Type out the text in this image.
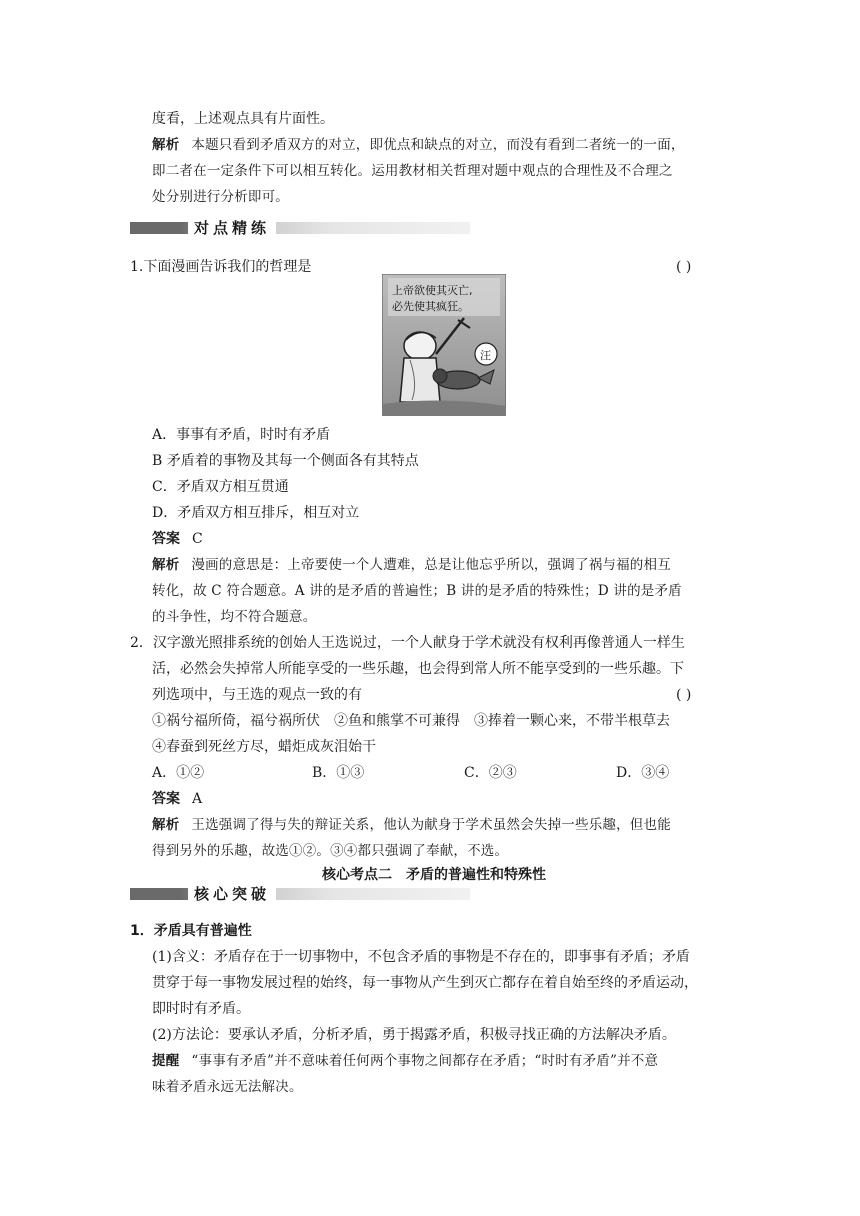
度看，上述观点具有片面性。
解析 本题只看到矛盾双方的对立，即优点和缺点的对立，而没有看到二者统一的一面，
即二者在一定条件下可以相互转化。运用教材相关哲理对题中观点的合理性及不合理之
处分别进行分析即可。
对点精练
1.下面漫画告诉我们的哲理是	( )
上帝欲使其灭亡,
必先使其疯狂。
汪
A．事事有矛盾，时时有矛盾
B 矛盾着的事物及其每一个侧面各有其特点
C．矛盾双方相互贯通
D．矛盾双方相互排斥，相互对立
答案 C
解析 漫画的意思是：上帝要使一个人遭难，总是让他忘乎所以，强调了祸与福的相互
转化，故 C 符合题意。A 讲的是矛盾的普遍性；B 讲的是矛盾的特殊性；D 讲的是矛盾
的斗争性，均不符合题意。
2．汉字激光照排系统的创始人王选说过，一个人献身于学术就没有权利再像普通人一样生
活，必然会失掉常人所能享受的一些乐趣，也会得到常人所不能享受到的一些乐趣。下
列选项中，与王选的观点一致的有	( )
①祸兮福所倚，福兮祸所伏　②鱼和熊掌不可兼得　③捧着一颗心来，不带半根草去
④春蚕到死丝方尽，蜡炬成灰泪始干
A．①②	B．①③	C．②③	D．③④
答案 A
解析 王选强调了得与失的辩证关系，他认为献身于学术虽然会失掉一些乐趣，但也能
得到另外的乐趣，故选①②。③④都只强调了奉献，不选。
核心考点二　矛盾的普遍性和特殊性
核心突破
1．矛盾具有普遍性
(1)含义：矛盾存在于一切事物中，不包含矛盾的事物是不存在的，即事事有矛盾；矛盾
贯穿于每一事物发展过程的始终，每一事物从产生到灭亡都存在着自始至终的矛盾运动，
即时时有矛盾。
(2)方法论：要承认矛盾，分析矛盾，勇于揭露矛盾，积极寻找正确的方法解决矛盾。
提醒 “事事有矛盾”并不意味着任何两个事物之间都存在矛盾；“时时有矛盾”并不意
味着矛盾永远无法解决。
